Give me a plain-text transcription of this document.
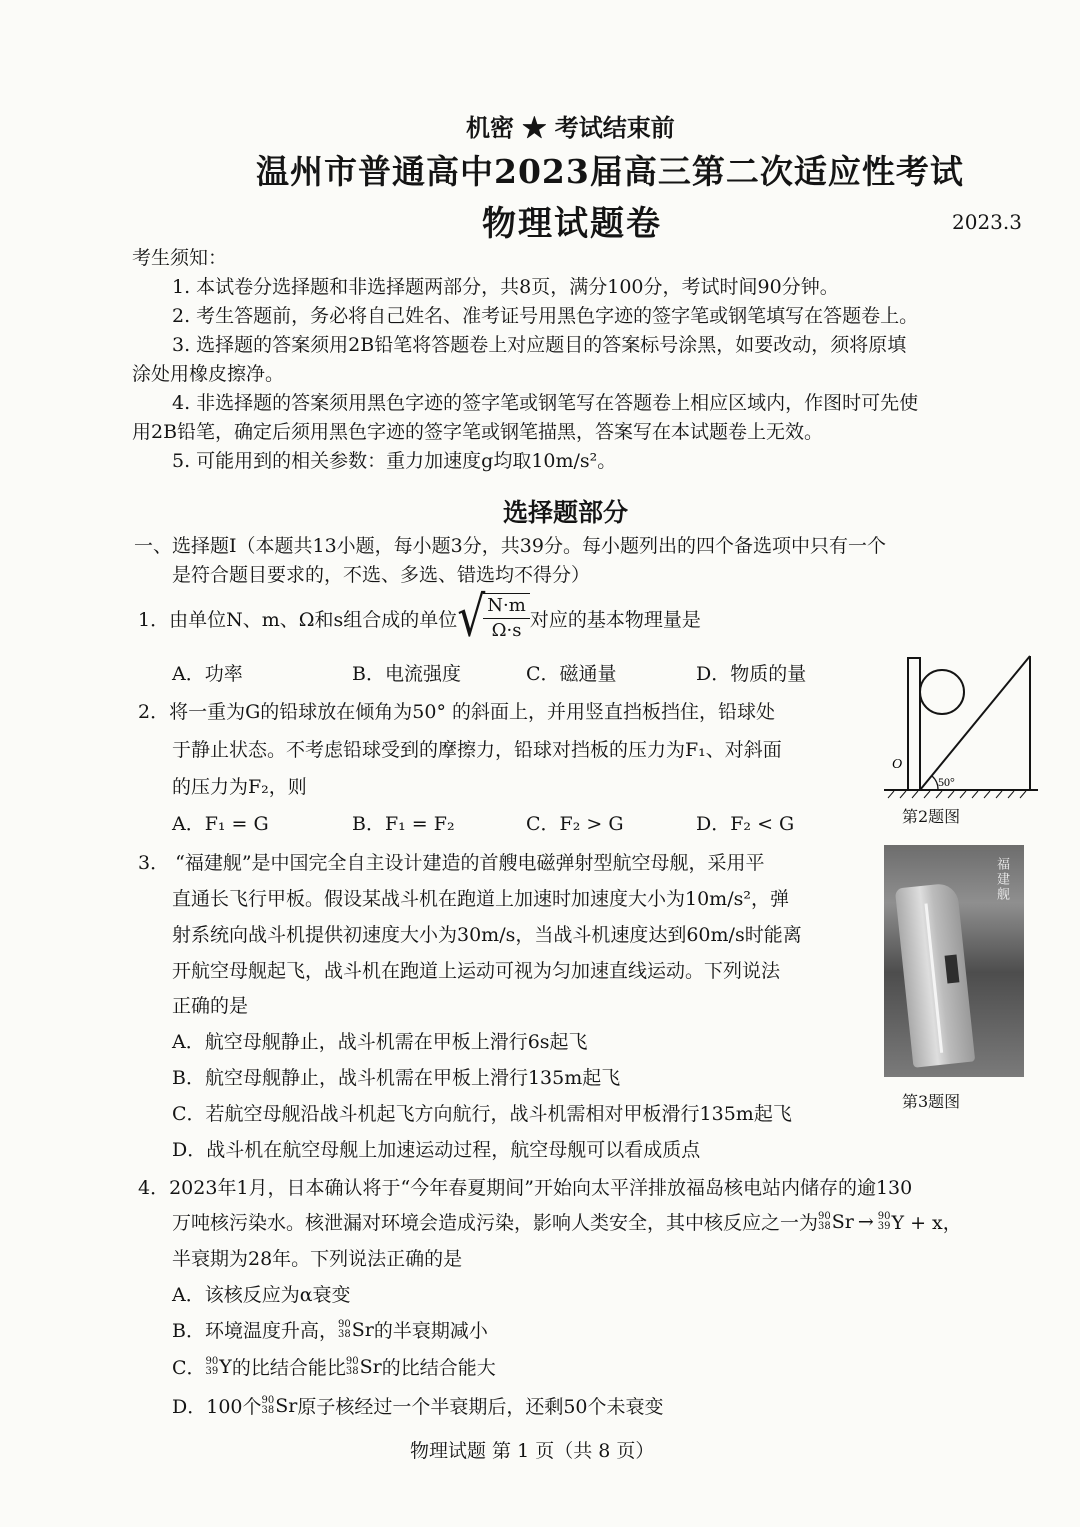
机密 ★ 考试结束前
温州市普通高中2023届高三第二次适应性考试
物理试题卷	2023.3
考生须知：
1. 本试卷分选择题和非选择题两部分，共8页，满分100分，考试时间90分钟。
2. 考生答题前，务必将自己姓名、准考证号用黑色字迹的签字笔或钢笔填写在答题卷上。
3. 选择题的答案须用2B铅笔将答题卷上对应题目的答案标号涂黑，如要改动，须将原填
涂处用橡皮擦净。
4. 非选择题的答案须用黑色字迹的签字笔或钢笔写在答题卷上相应区域内，作图时可先使
用2B铅笔，确定后须用黑色字迹的签字笔或钢笔描黑，答案写在本试题卷上无效。
5. 可能用到的相关参数：重力加速度g均取10m/s²。
选择题部分
一、选择题Ⅰ（本题共13小题，每小题3分，共39分。每小题列出的四个备选项中只有一个
是符合题目要求的，不选、多选、错选均不得分）
1．由单位N、m、Ω和s组合成的单位 √
$\frac{N\cdot m}{\Omega\cdot s}$ 对应的基本物理量是
A．功率	B．电流强度	C．磁通量	D．物质的量
2．将一重为G的铅球放在倾角为50° 的斜面上，并用竖直挡板挡住，铅球处
于静止状态。不考虑铅球受到的摩擦力，铅球对挡板的压力为F₁、对斜面
的压力为F₂，则
A．F₁ = G	B．F₁ = F₂	C．F₂ > G	D．F₂ < G
O
50°
第2题图
3． “福建舰”是中国完全自主设计建造的首艘电磁弹射型航空母舰，采用平
直通长飞行甲板。假设某战斗机在跑道上加速时加速度大小为10m/s²，弹
射系统向战斗机提供初速度大小为30m/s，当战斗机速度达到60m/s时能离
开航空母舰起飞，战斗机在跑道上运动可视为匀加速直线运动。下列说法
正确的是
A．航空母舰静止，战斗机需在甲板上滑行6s起飞
B．航空母舰静止，战斗机需在甲板上滑行135m起飞
C．若航空母舰沿战斗机起飞方向航行，战斗机需相对甲板滑行135m起飞
D．战斗机在航空母舰上加速运动过程，航空母舰可以看成质点
福建舰
第3题图
4．2023年1月，日本确认将于“今年春夏期间”开始向太平洋排放福岛核电站内储存的逾130
万吨核污染水。核泄漏对环境会造成污染，影响人类安全，其中核反应之一为 90
38 Sr → 90
39 Y + x，
半衰期为28年。下列说法正确的是
A．该核反应为α衰变
B．环境温度升高， 90
38 Sr 的半衰期减小
C． 90
39 Y 的比结合能比 90
38 Sr 的比结合能大
D．100个 90
38 Sr 原子核经过一个半衰期后，还剩50个未衰变
物理试题 第 1 页（共 8 页）
